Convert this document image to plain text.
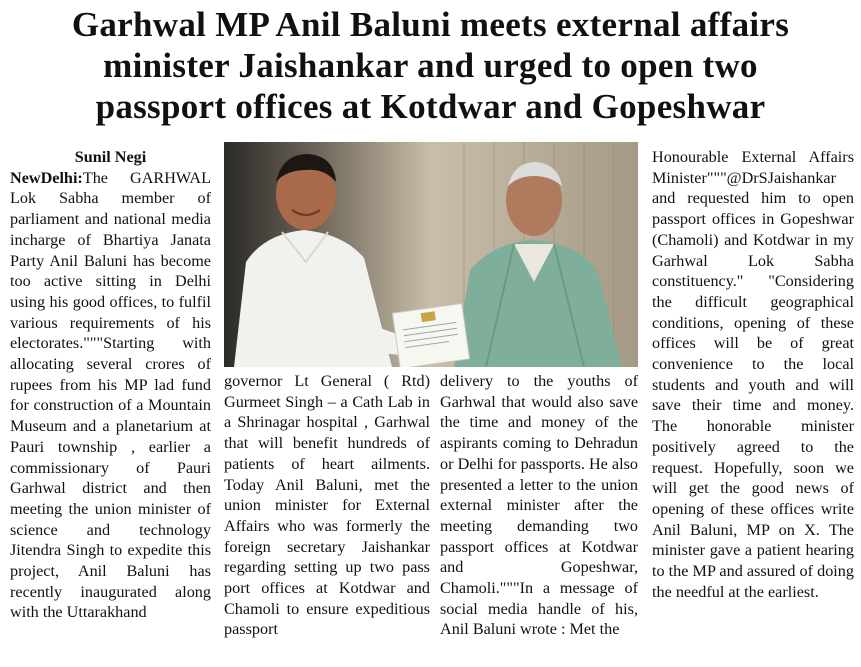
Garhwal MP Anil Baluni meets external affairs
minister Jaishankar and urged to open two
passport offices at Kotdwar and Gopeshwar

Sunil Negi

NewDelhi:The GARHWAL Lok Sabha member of parliament and national media incharge of Bhartiya Janata Party Anil Baluni has become too active sitting in Delhi using his good offices, to fulfil various requirements of his electorates."""Starting with allocating several crores of rupees from his MP lad fund for construction of a Mountain Museum and a planetarium at Pauri township , earlier a commissionary of Pauri Garhwal district and then meeting the union minister of science and technology Jitendra Singh to expedite this project, Anil Baluni has recently inaugurated along with the Uttarakhand

governor Lt General ( Rtd) Gurmeet Singh – a Cath Lab in a Shrinagar hospital , Garhwal that will benefit hundreds of patients of heart ailments. Today Anil Baluni, met the union minister for External Affairs who was formerly the foreign secretary Jaishankar regarding setting up two pass port offices at Kotdwar and Chamoli to ensure expeditious passport

delivery to the youths of Garhwal that would also save the time and money of the aspirants coming to Dehradun or Delhi for passports. He also presented a letter to the union external minister after the meeting demanding two passport offices at Kotdwar and Gopeshwar, Chamoli."""In a message of social media handle of his, Anil Baluni wrote : Met the

Honourable External Affairs Minister"""@DrSJaishankar and requested him to open passport offices in Gopeshwar (Chamoli) and Kotdwar in my Garhwal Lok Sabha constituency." "Considering the difficult geographical conditions, opening of these offices will be of great convenience to the local students and youth and will save their time and money. The honorable minister positively agreed to the request. Hopefully, soon we will get the good news of opening of these offices write Anil Baluni, MP on X. The minister gave a patient hearing to the MP and assured of doing the needful at the earliest.
